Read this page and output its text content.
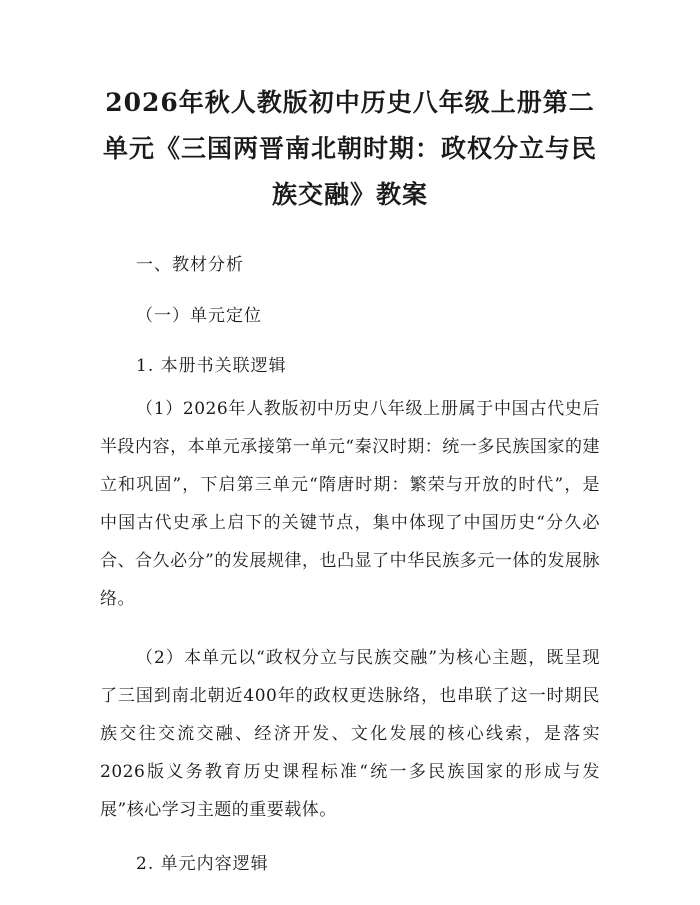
2026年秋人教版初中历史八年级上册第二单元《三国两晋南北朝时期：政权分立与民族交融》教案

一、教材分析

（一）单元定位

1. 本册书关联逻辑

（1）2026年人教版初中历史八年级上册属于中国古代史后半段内容，本单元承接第一单元“秦汉时期：统一多民族国家的建立和巩固”，下启第三单元“隋唐时期：繁荣与开放的时代”，是中国古代史承上启下的关键节点，集中体现了中国历史“分久必合、合久必分”的发展规律，也凸显了中华民族多元一体的发展脉络。

（2）本单元以“政权分立与民族交融”为核心主题，既呈现了三国到南北朝近400年的政权更迭脉络，也串联了这一时期民族交往交流交融、经济开发、文化发展的核心线索，是落实2026版义务教育历史课程标准“统一多民族国家的形成与发展”核心学习主题的重要载体。

2. 单元内容逻辑
